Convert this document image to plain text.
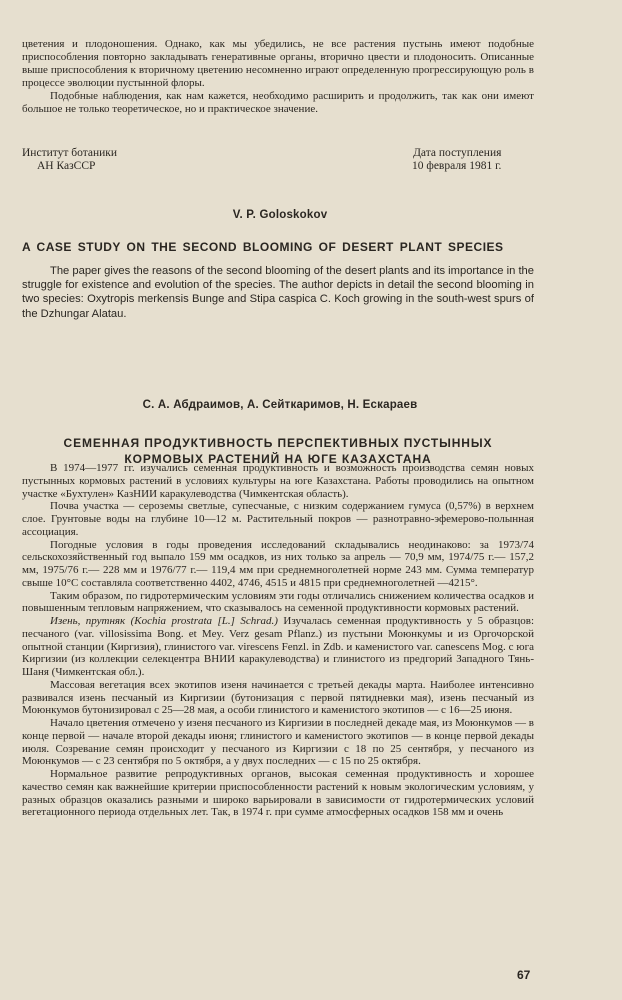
цветения и плодоношения. Однако, как мы убедились, не все растения пустынь имеют подобные приспособления повторно закладывать генеративные органы, вторично цвести и плодоносить. Описанные выше приспособления к вторичному цветению несомненно играют определенную прогрессирующую роль в процессе эволюции пустынной флоры.

Подобные наблюдения, как нам кажется, необходимо расширить и продолжить, так как они имеют большое не только теоретическое, но и практическое значение.

Институт ботаники
АН КазССР
Дата поступления
10 февраля 1981 г.
V. P. Goloskokov
A CASE STUDY ON THE SECOND BLOOMING OF DESERT PLANT SPECIES

The paper gives the reasons of the second blooming of the desert plants and its importance in the struggle for existence and evolution of the species. The author depicts in detail the second blooming in two species: Oxytropis merkensis Bunge and Stipa caspica C. Koch growing in the south-west spurs of the Dzhungar Alatau.

С. А. Абдраимов, А. Сейткаримов, Н. Ескараев
СЕМЕННАЯ ПРОДУКТИВНОСТЬ ПЕРСПЕКТИВНЫХ ПУСТЫННЫХ
КОРМОВЫХ РАСТЕНИЙ НА ЮГЕ КАЗАХСТАНА

В 1974—1977 гг. изучались семенная продуктивность и возможность производства семян новых пустынных кормовых растений в условиях культуры на юге Казахстана. Работы проводились на опытном участке «Бухтулен» КазНИИ каракулеводства (Чимкентская область).

Почва участка — сероземы светлые, супесчаные, с низким содержанием гумуса (0,57%) в верхнем слое. Грунтовые воды на глубине 10—12 м. Растительный покров — разнотравно-эфемерово-полынная ассоциация.

Погодные условия в годы проведения исследований складывались неодинаково: за 1973/74 сельскохозяйственный год выпало 159 мм осадков, из них только за апрель — 70,9 мм, 1974/75 г.— 157,2 мм, 1975/76 г.— 228 мм и 1976/77 г.— 119,4 мм при среднемноголетней норме 243 мм. Сумма температур свыше 10°С составляла соответственно 4402, 4746, 4515 и 4815 при среднемноголетней —4215°.

Таким образом, по гидротермическим условиям эти годы отличались снижением количества осадков и повышенным тепловым напряжением, что сказывалось на семенной продуктивности кормовых растений.

Изень, прутняк (Kochia prostrata [L.] Schrad.) Изучалась семенная продуктивность у 5 образцов: песчаного (var. villosissima Bong. et Mey. Verz gesam Pflanz.) из пустыни Моюнкумы и из Оргочорской опытной станции (Киргизия), глинистого var. virescens Fenzl. in Zdb. и каменистого var. canescens Mog. с юга Киргизии (из коллекции селекцентра ВНИИ каракулеводства) и глинистого из предгорий Западного Тянь-Шаня (Чимкентская обл.).

Массовая вегетация всех экотипов изеня начинается с третьей декады марта. Наиболее интенсивно развивался изень песчаный из Киргизии (бутонизация с первой пятидневки мая), изень песчаный из Моюнкумов бутонизировал с 25—28 мая, а особи глинистого и каменистого экотипов — с 16—25 июня.

Начало цветения отмечено у изеня песчаного из Киргизии в последней декаде мая, из Моюнкумов — в конце первой — начале второй декады июня; глинистого и каменистого экотипов — в конце первой декады июля. Созревание семян происходит у песчаного из Киргизии с 18 по 25 сентября, у песчаного из Моюнкумов — с 23 сентября по 5 октября, а у двух последних — с 15 по 25 октября.

Нормальное развитие репродуктивных органов, высокая семенная продуктивность и хорошее качество семян как важнейшие критерии приспособленности растений к новым экологическим условиям, у разных образцов оказались разными и широко варьировали в зависимости от гидротермических условий вегетационного периода отдельных лет. Так, в 1974 г. при сумме атмосферных осадков 158 мм и очень

67
